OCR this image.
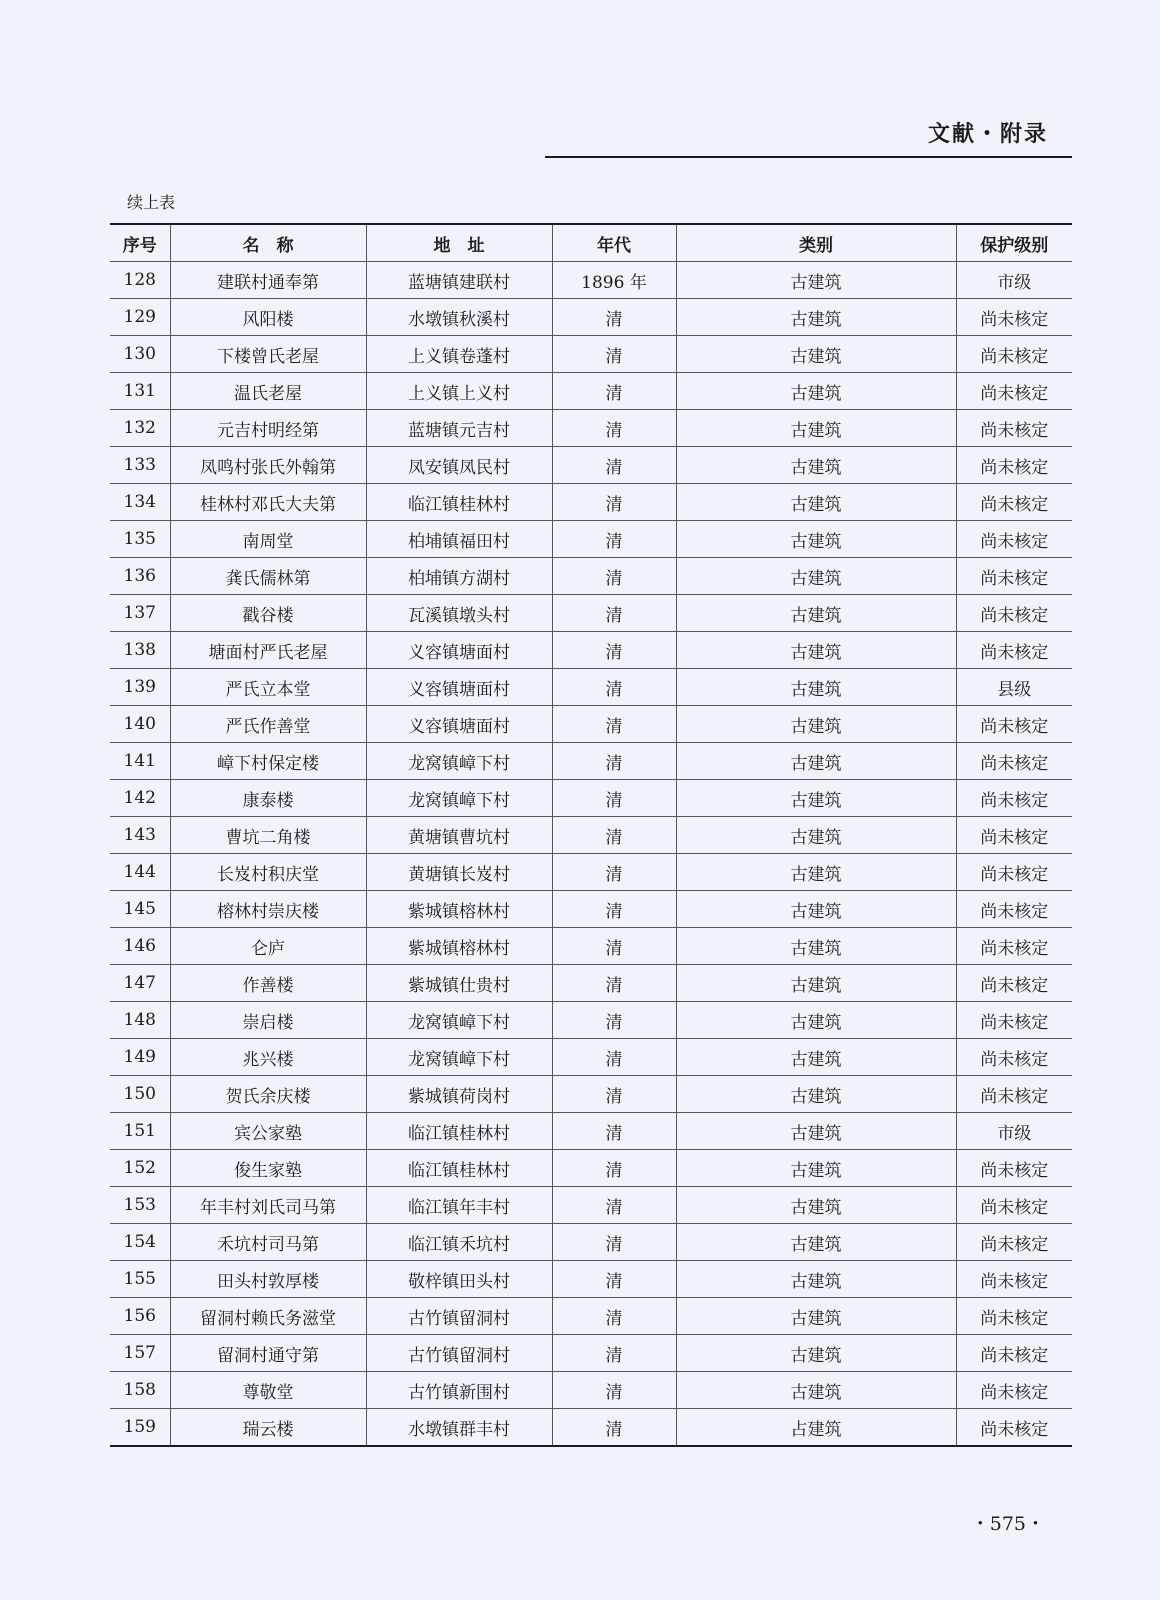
文献・附录
续上表
序号	名　称	地　址	年代	类别	保护级别
128	建联村通奉第	蓝塘镇建联村	1896 年	古建筑	市级
129	风阳楼	水墩镇秋溪村	清	古建筑	尚未核定
130	下楼曾氏老屋	上义镇卷蓬村	清	古建筑	尚未核定
131	温氏老屋	上义镇上义村	清	古建筑	尚未核定
132	元吉村明经第	蓝塘镇元吉村	清	古建筑	尚未核定
133	凤鸣村张氏外翰第	凤安镇凤民村	清	古建筑	尚未核定
134	桂林村邓氏大夫第	临江镇桂林村	清	古建筑	尚未核定
135	南周堂	柏埔镇福田村	清	古建筑	尚未核定
136	龚氏儒林第	柏埔镇方湖村	清	古建筑	尚未核定
137	戳谷楼	瓦溪镇墩头村	清	古建筑	尚未核定
138	塘面村严氏老屋	义容镇塘面村	清	古建筑	尚未核定
139	严氏立本堂	义容镇塘面村	清	古建筑	县级
140	严氏作善堂	义容镇塘面村	清	古建筑	尚未核定
141	嶂下村保定楼	龙窝镇嶂下村	清	古建筑	尚未核定
142	康泰楼	龙窝镇嶂下村	清	古建筑	尚未核定
143	曹坑二角楼	黄塘镇曹坑村	清	古建筑	尚未核定
144	长岌村积庆堂	黄塘镇长岌村	清	古建筑	尚未核定
145	榕林村崇庆楼	紫城镇榕林村	清	古建筑	尚未核定
146	仑庐	紫城镇榕林村	清	古建筑	尚未核定
147	作善楼	紫城镇仕贵村	清	古建筑	尚未核定
148	崇启楼	龙窝镇嶂下村	清	古建筑	尚未核定
149	兆兴楼	龙窝镇嶂下村	清	古建筑	尚未核定
150	贺氏余庆楼	紫城镇荷岗村	清	古建筑	尚未核定
151	宾公家塾	临江镇桂林村	清	古建筑	市级
152	俊生家塾	临江镇桂林村	清	古建筑	尚未核定
153	年丰村刘氏司马第	临江镇年丰村	清	古建筑	尚未核定
154	禾坑村司马第	临江镇禾坑村	清	古建筑	尚未核定
155	田头村敦厚楼	敬梓镇田头村	清	古建筑	尚未核定
156	留洞村赖氏务滋堂	古竹镇留洞村	清	古建筑	尚未核定
157	留洞村通守第	古竹镇留洞村	清	古建筑	尚未核定
158	尊敬堂	古竹镇新围村	清	古建筑	尚未核定
159	瑞云楼	水墩镇群丰村	清	占建筑	尚未核定
・575・
